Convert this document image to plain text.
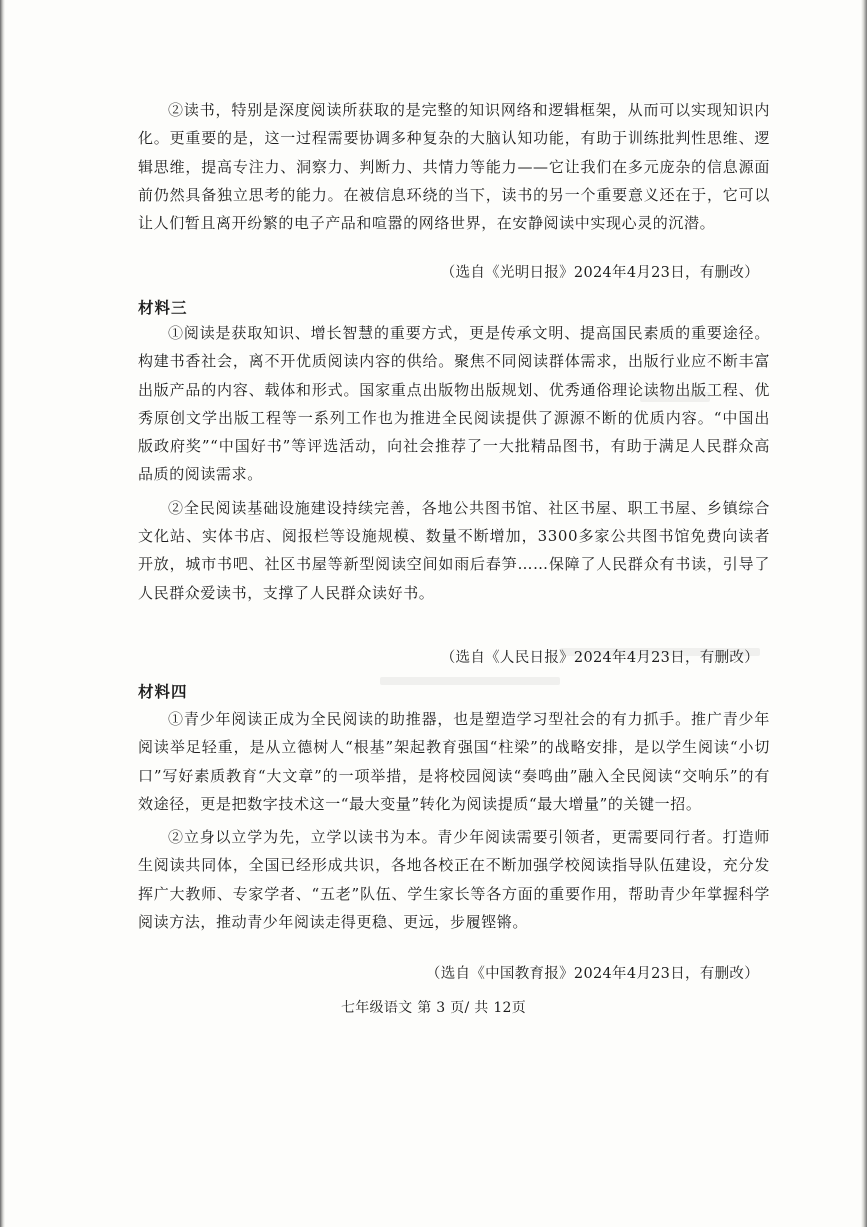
②读书，特别是深度阅读所获取的是完整的知识网络和逻辑框架，从而可以实现知识内化。更重要的是，这一过程需要协调多种复杂的大脑认知功能，有助于训练批判性思维、逻辑思维，提高专注力、洞察力、判断力、共情力等能力——它让我们在多元庞杂的信息源面前仍然具备独立思考的能力。在被信息环绕的当下，读书的另一个重要意义还在于，它可以让人们暂且离开纷繁的电子产品和喧嚣的网络世界，在安静阅读中实现心灵的沉潜。

（选自《光明日报》2024年4月23日，有删改）
材料三

①阅读是获取知识、增长智慧的重要方式，更是传承文明、提高国民素质的重要途径。构建书香社会，离不开优质阅读内容的供给。聚焦不同阅读群体需求，出版行业应不断丰富出版产品的内容、载体和形式。国家重点出版物出版规划、优秀通俗理论读物出版工程、优秀原创文学出版工程等一系列工作也为推进全民阅读提供了源源不断的优质内容。“中国出版政府奖”“中国好书”等评选活动，向社会推荐了一大批精品图书，有助于满足人民群众高品质的阅读需求。

②全民阅读基础设施建设持续完善，各地公共图书馆、社区书屋、职工书屋、乡镇综合文化站、实体书店、阅报栏等设施规模、数量不断增加，3300多家公共图书馆免费向读者开放，城市书吧、社区书屋等新型阅读空间如雨后春笋……保障了人民群众有书读，引导了人民群众爱读书，支撑了人民群众读好书。

（选自《人民日报》2024年4月23日，有删改）
材料四

①青少年阅读正成为全民阅读的助推器，也是塑造学习型社会的有力抓手。推广青少年阅读举足轻重，是从立德树人“根基”架起教育强国“柱梁”的战略安排，是以学生阅读“小切口”写好素质教育“大文章”的一项举措，是将校园阅读“奏鸣曲”融入全民阅读“交响乐”的有效途径，更是把数字技术这一“最大变量”转化为阅读提质“最大增量”的关键一招。

②立身以立学为先，立学以读书为本。青少年阅读需要引领者，更需要同行者。打造师生阅读共同体，全国已经形成共识，各地各校正在不断加强学校阅读指导队伍建设，充分发挥广大教师、专家学者、“五老”队伍、学生家长等各方面的重要作用，帮助青少年掌握科学阅读方法，推动青少年阅读走得更稳、更远，步履铿锵。

（选自《中国教育报》2024年4月23日，有删改）
七年级语文 第 3 页/ 共 12页
